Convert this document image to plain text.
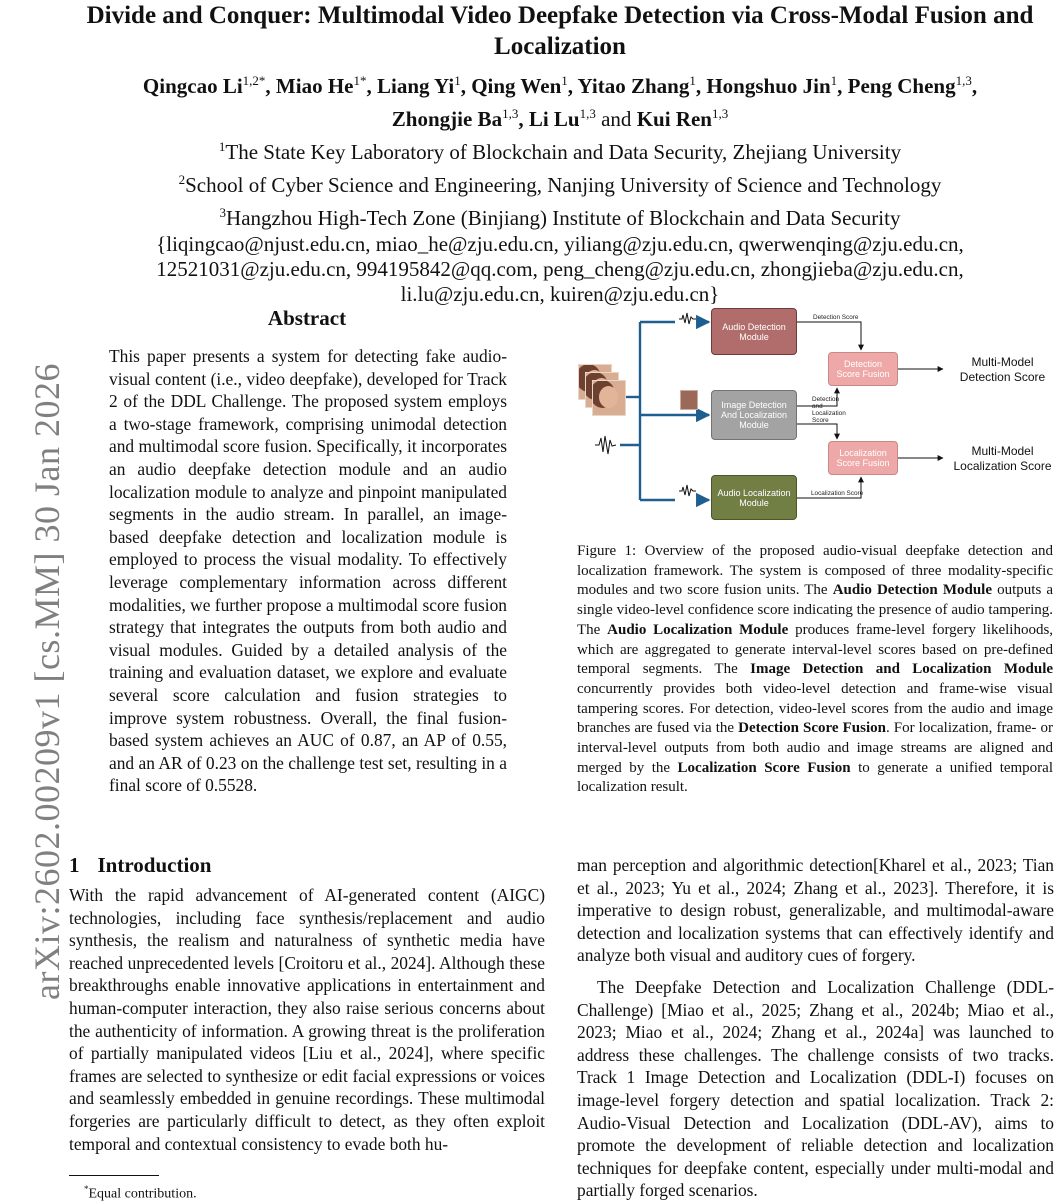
arXiv:2602.00209v1 [cs.MM] 30 Jan 2026
Divide and Conquer: Multimodal Video Deepfake Detection via Cross-Modal Fusion and Localization
Qingcao $Li^{1,2*}$, Miao $He^{1*}$, Liang Yi$^1$, Qing Wen$^1$, Yitao Zhang$^1$, Hongshuo Jin$^1$, Peng Cheng$^{1,3}$, Zhongjie Ba$^{1,3}$, Li Lu$^{1,3}$ and Kui Ren$^{1,3}$
$^1$The State Key Laboratory of Blockchain and Data Security, Zhejiang University
$^2$School of Cyber Science and Engineering, Nanjing University of Science and Technology
$^3$Hangzhou High-Tech Zone (Binjiang) Institute of Blockchain and Data Security
{liqingcao@njust.edu.cn, miao_he@zju.edu.cn, yiliang@zju.edu.cn, qwerwenqing@zju.edu.cn,
12521031@zju.edu.cn, 994195842@qq.com, peng_cheng@zju.edu.cn, zhongjieba@zju.edu.cn,
li.lu@zju.edu.cn, kuiren@zju.edu.cn}
Abstract

This paper presents a system for detecting fake audio-visual content (i.e., video deepfake), developed for Track 2 of the DDL Challenge. The proposed system employs a two-stage framework, comprising unimodal detection and multimodal score fusion. Specifically, it incorporates an audio deepfake detection module and an audio localization module to analyze and pinpoint manipulated segments in the audio stream. In parallel, an image-based deepfake detection and localization module is employed to process the visual modality. To effectively leverage complementary information across different modalities, we further propose a multimodal score fusion strategy that integrates the outputs from both audio and visual modules. Guided by a detailed analysis of the training and evaluation dataset, we explore and evaluate several score calculation and fusion strategies to improve system robustness. Overall, the final fusion-based system achieves an AUC of 0.87, an AP of 0.55, and an AR of 0.23 on the challenge test set, resulting in a final score of 0.5528.

Audio Detection Module
Image Detection And Localization Module
Audio Localization Module
Detection Score Fusion
Localization Score Fusion
Detection Score
Detection and Localization Score
Localization Score
Multi-Model
Detection Score
Multi-Model
Localization Score
Figure 1: Overview of the proposed audio-visual deepfake detection and localization framework. The system is composed of three modality-specific modules and two score fusion units. The Audio Detection Module outputs a single video-level confidence score indicating the presence of audio tampering. The Audio Localization Module produces frame-level forgery likelihoods, which are aggregated to generate interval-level scores based on pre-defined temporal segments. The Image Detection and Localization Module concurrently provides both video-level detection and frame-wise visual tampering scores. For detection, video-level scores from the audio and image branches are fused via the Detection Score Fusion. For localization, frame- or interval-level outputs from both audio and image streams are aligned and merged by the Localization Score Fusion to generate a unified temporal localization result.
1 Introduction

With the rapid advancement of AI-generated content (AIGC) technologies, including face synthesis/replacement and audio synthesis, the realism and naturalness of synthetic media have reached unprecedented levels [Croitoru et al., 2024]. Although these breakthroughs enable innovative applications in entertainment and human-computer interaction, they also raise serious concerns about the authenticity of information. A growing threat is the proliferation of partially manipulated videos [Liu et al., 2024], where specific frames are selected to synthesize or edit facial expressions or voices and seamlessly embedded in genuine recordings. These multimodal forgeries are particularly difficult to detect, as they often exploit temporal and contextual consistency to evade both hu-

man perception and algorithmic detection[Kharel et al., 2023; Tian et al., 2023; Yu et al., 2024; Zhang et al., 2023]. Therefore, it is imperative to design robust, generalizable, and multimodal-aware detection and localization systems that can effectively identify and analyze both visual and auditory cues of forgery.

The Deepfake Detection and Localization Challenge (DDL-Challenge) [Miao et al., 2025; Zhang et al., 2024b; Miao et al., 2023; Miao et al., 2024; Zhang et al., 2024a] was launched to address these challenges. The challenge consists of two tracks. Track 1 Image Detection and Localization (DDL-I) focuses on image-level forgery detection and spatial localization. Track 2: Audio-Visual Detection and Localization (DDL-AV), aims to promote the development of reliable detection and localization techniques for deepfake content, especially under multi-modal and partially forged scenarios.

*Equal contribution.
